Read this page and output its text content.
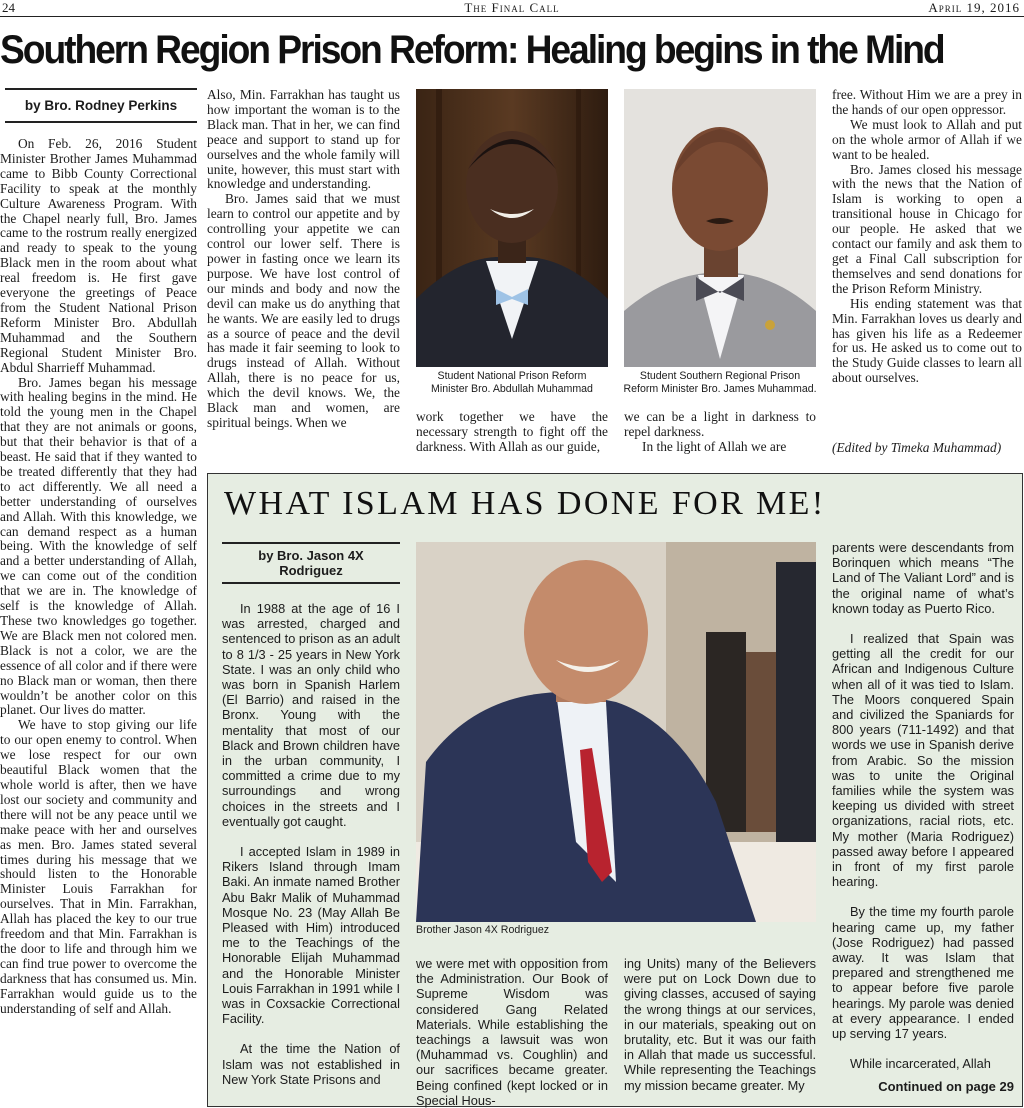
The Final Call
24	April 19, 2016
Southern Region Prison Reform: Healing begins in the Mind
by Bro. Rodney Perkins

On Feb. 26, 2016 Student Minister Brother James Muhammad came to Bibb County Correctional Facility to speak at the monthly Culture Awareness Program. With the Chapel nearly full, Bro. James came to the rostrum really energized and ready to speak to the young Black men in the room about what real freedom is. He first gave everyone the greetings of Peace from the Student National Prison Reform Minister Bro. Abdullah Muhammad and the Southern Regional Student Minister Bro. Abdul Sharrieff Muhammad.

Bro. James began his message with healing begins in the mind. He told the young men in the Chapel that they are not animals or goons, but that their behavior is that of a beast. He said that if they wanted to be treated differently that they had to act differently. We all need a better understanding of ourselves and Allah. With this knowledge, we can demand respect as a human being. With the knowledge of self and a better understanding of Allah, we can come out of the condition that we are in. The knowledge of self is the knowledge of Allah. These two knowledges go together. We are Black men not colored men. Black is not a color, we are the essence of all color and if there were no Black man or woman, then there wouldn’t be another color on this planet. Our lives do matter.

We have to stop giving our life to our open enemy to control. When we lose respect for our own beautiful Black women that the whole world is after, then we have lost our society and community and there will not be any peace until we make peace with her and ourselves as men. Bro. James stated several times during his message that we should listen to the Honorable Minister Louis Farrakhan for ourselves. That in Min. Farrakhan, Allah has placed the key to our true freedom and that Min. Farrakhan is the door to life and through him we can find true power to overcome the darkness that has consumed us. Min. Farrakhan would guide us to the understanding of self and Allah.

Also, Min. Farrakhan has taught us how important the woman is to the Black man. That in her, we can find peace and support to stand up for ourselves and the whole family will unite, however, this must start with knowledge and understanding.

Bro. James said that we must learn to control our appetite and by controlling your appetite we can control our lower self. There is power in fasting once we learn its purpose. We have lost control of our minds and body and now the devil can make us do anything that he wants. We are easily led to drugs as a source of peace and the devil has made it fair seeming to look to drugs instead of Allah. Without Allah, there is no peace for us, which the devil knows. We, the Black man and women, are spiritual beings. When we

Student National Prison Reform
Minister Bro. Abdullah Muhammad
Student Southern Regional Prison
Reform Minister Bro. James Muhammad.

work together we have the necessary strength to fight off the darkness. With Allah as our guide,

we can be a light in darkness to repel darkness.

In the light of Allah we are

free. Without Him we are a prey in the hands of our open oppressor.

We must look to Allah and put on the whole armor of Allah if we want to be healed.

Bro. James closed his message with the news that the Nation of Islam is working to open a transitional house in Chicago for our people. He asked that we contact our family and ask them to get a Final Call subscription for themselves and send donations for the Prison Reform Ministry.

His ending statement was that Min. Farrakhan loves us dearly and has given his life as a Redeemer for us. He asked us to come out to the Study Guide classes to learn all about ourselves.

(Edited by Timeka Muhammad)
WHAT ISLAM HAS DONE FOR ME!
by Bro. Jason 4X
Rodriguez

In 1988 at the age of 16 I was arrested, charged and sentenced to prison as an adult to 8 1/3 - 25 years in New York State. I was an only child who was born in Spanish Harlem (El Barrio) and raised in the Bronx. Young with the mentality that most of our Black and Brown children have in the urban community, I committed a crime due to my surroundings and wrong choices in the streets and I eventually got caught.

I accepted Islam in 1989 in Rikers Island through Imam Baki. An inmate named Brother Abu Bakr Malik of Muhammad Mosque No. 23 (May Allah Be Pleased with Him) introduced me to the Teachings of the Honorable Elijah Muhammad and the Honorable Minister Louis Farrakhan in 1991 while I was in Coxsackie Correctional Facility.

At the time the Nation of Islam was not established in New York State Prisons and

Brother Jason 4X Rodriguez

we were met with opposition from the Administration. Our Book of Supreme Wisdom was considered Gang Related Materials. While establishing the teachings a lawsuit was won (Muhammad vs. Coughlin) and our sacrifices became greater. Being confined (kept locked or in Special Hous-

ing Units) many of the Believers were put on Lock Down due to giving classes, accused of saying the wrong things at our services, in our materials, speaking out on brutality, etc. But it was our faith in Allah that made us successful. While representing the Teachings my mission became greater. My

parents were descendants from Borinquen which means “The Land of The Valiant Lord” and is the original name of what’s known today as Puerto Rico.

I realized that Spain was getting all the credit for our African and Indigenous Culture when all of it was tied to Islam. The Moors conquered Spain and civilized the Spaniards for 800 years (711-1492) and that words we use in Spanish derive from Arabic. So the mission was to unite the Original families while the system was keeping us divided with street organizations, racial riots, etc. My mother (Maria Rodriguez) passed away before I appeared in front of my first parole hearing.

By the time my fourth parole hearing came up, my father (Jose Rodriguez) had passed away. It was Islam that prepared and strengthened me to appear before five parole hearings. My parole was denied at every appearance. I ended up serving 17 years.

While incarcerated, Allah

Continued on page 29
